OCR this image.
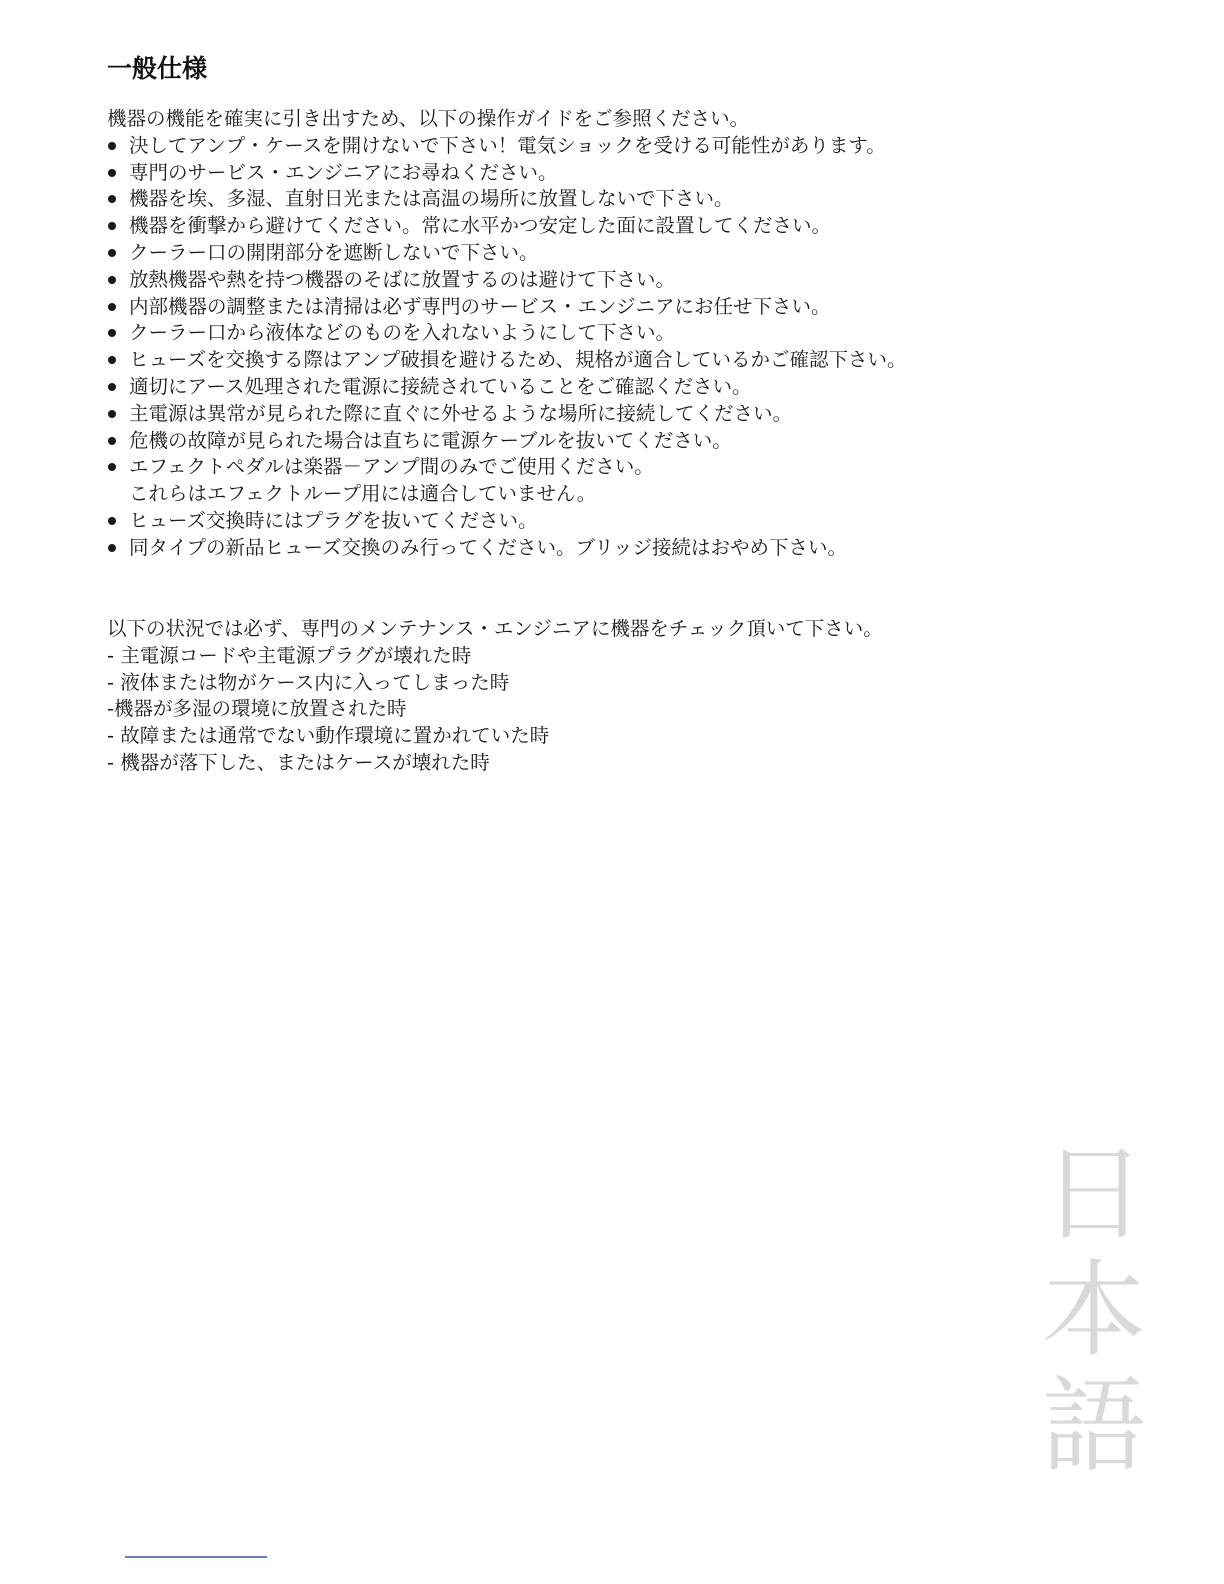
一般仕様

機器の機能を確実に引き出すため、以下の操作ガイドをご参照ください。

決してアンプ・ケースを開けないで下さい！電気ショックを受ける可能性があります。
専門のサービス・エンジニアにお尋ねください。
機器を埃、多湿、直射日光または高温の場所に放置しないで下さい。
機器を衝撃から避けてください。常に水平かつ安定した面に設置してください。
クーラー口の開閉部分を遮断しないで下さい。
放熱機器や熱を持つ機器のそばに放置するのは避けて下さい。
内部機器の調整または清掃は必ず専門のサービス・エンジニアにお任せ下さい。
クーラー口から液体などのものを入れないようにして下さい。
ヒューズを交換する際はアンプ破損を避けるため、規格が適合しているかご確認下さい。
適切にアース処理された電源に接続されていることをご確認ください。
主電源は異常が見られた際に直ぐに外せるような場所に接続してください。
危機の故障が見られた場合は直ちに電源ケーブルを抜いてください。
エフェクトペダルは楽器－アンプ間のみでご使用ください。
これらはエフェクトループ用には適合していません。
ヒューズ交換時にはプラグを抜いてください。
同タイプの新品ヒューズ交換のみ行ってください。ブリッジ接続はおやめ下さい。

以下の状況では必ず、専門のメンテナンス・エンジニアに機器をチェック頂いて下さい。

- 主電源コードや主電源プラグが壊れた時
- 液体または物がケース内に入ってしまった時
-機器が多湿の環境に放置された時
- 故障または通常でない動作環境に置かれていた時
- 機器が落下した、またはケースが壊れた時
日本語
